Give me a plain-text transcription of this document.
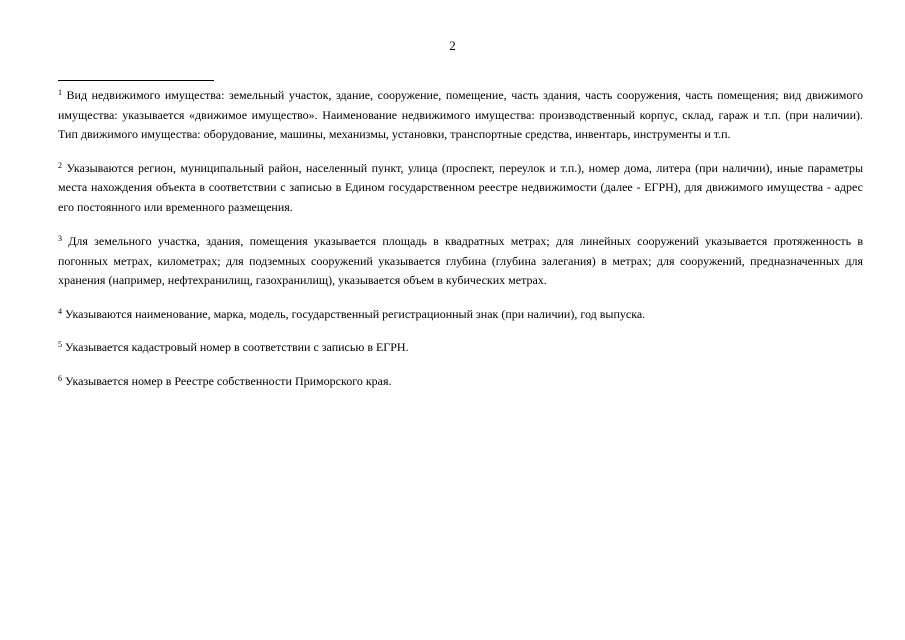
2

$^1$ Вид недвижимого имущества: земельный участок, здание, сооружение, помещение, часть здания, часть сооружения, часть помещения; вид движимого имущества: указывается «движимое имущество». Наименование недвижимого имущества: производственный корпус, склад, гараж и т.п. (при наличии). Тип движимого имущества: оборудование, машины, механизмы, установки, транспортные средства, инвентарь, инструменты и т.п.

$^2$ Указываются регион, муниципальный район, населенный пункт, улица (проспект, переулок и т.п.), номер дома, литера (при наличии), иные параметры места нахождения объекта в соответствии с записью в Едином государственном реестре недвижимости (далее - ЕГРН), для движимого имущества - адрес его постоянного или временного размещения.

$^3$ Для земельного участка, здания, помещения указывается площадь в квадратных метрах; для линейных сооружений указывается протяженность в погонных метрах, километрах; для подземных сооружений указывается глубина (глубина залегания) в метрах; для сооружений, предназначенных для хранения (например, нефтехранилищ, газохранилищ), указывается объем в кубических метрах.

$^4$ Указываются наименование, марка, модель, государственный регистрационный знак (при наличии), год выпуска.

$^5$ Указывается кадастровый номер в соответствии с записью в ЕГРН.

$^6$ Указывается номер в Реестре собственности Приморского края.
